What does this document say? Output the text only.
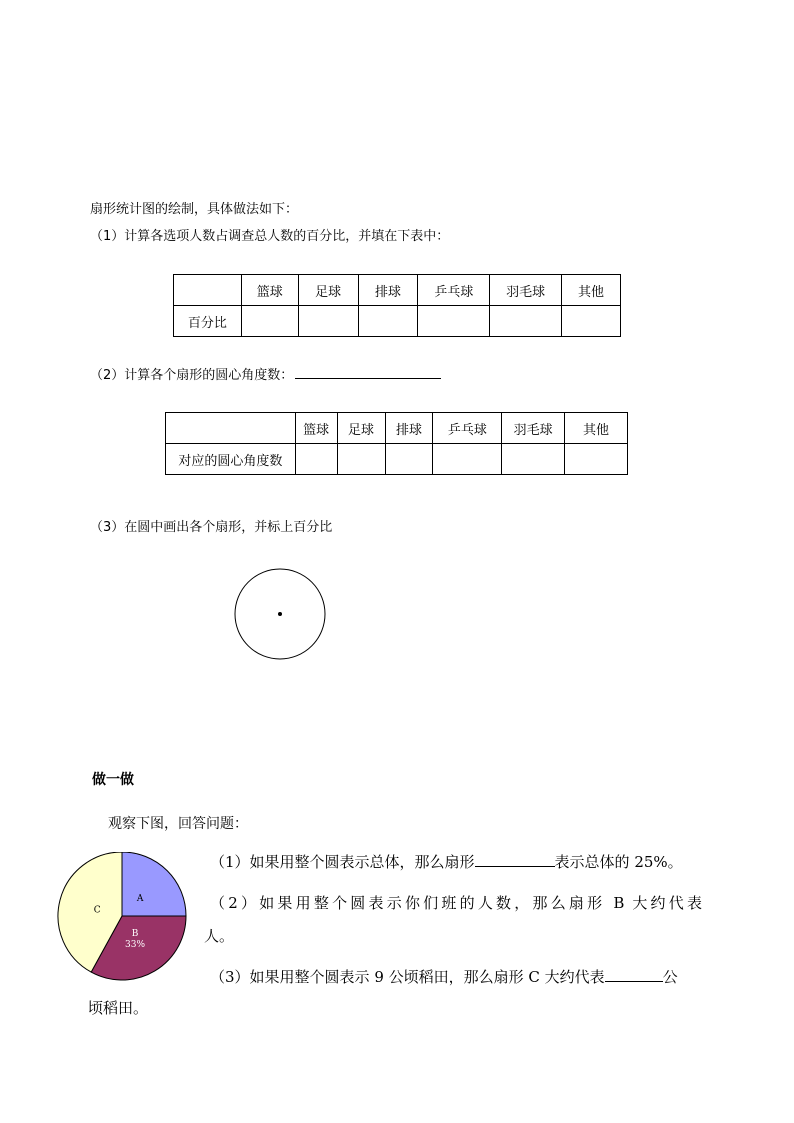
扇形统计图的绘制，具体做法如下：
（1）计算各选项人数占调查总人数的百分比，并填在下表中：
	篮球	足球	排球	乒乓球	羽毛球	其他
百分比						
（2）计算各个扇形的圆心角度数：
	篮球	足球	排球	乒乓球	羽毛球	其他
对应的圆心角度数						
（3）在圆中画出各个扇形，并标上百分比
做一做
观察下图，回答问题：
A
B
33%
C
（1）如果用整个圆表示总体，那么扇形	表示总体的 25%。
（2）如果用整个圆表示你们班的人数，那么扇形 B 大约代表
人。
（3）如果用整个圆表示 9 公顷稻田，那么扇形 C 大约代表	公
顷稻田。
